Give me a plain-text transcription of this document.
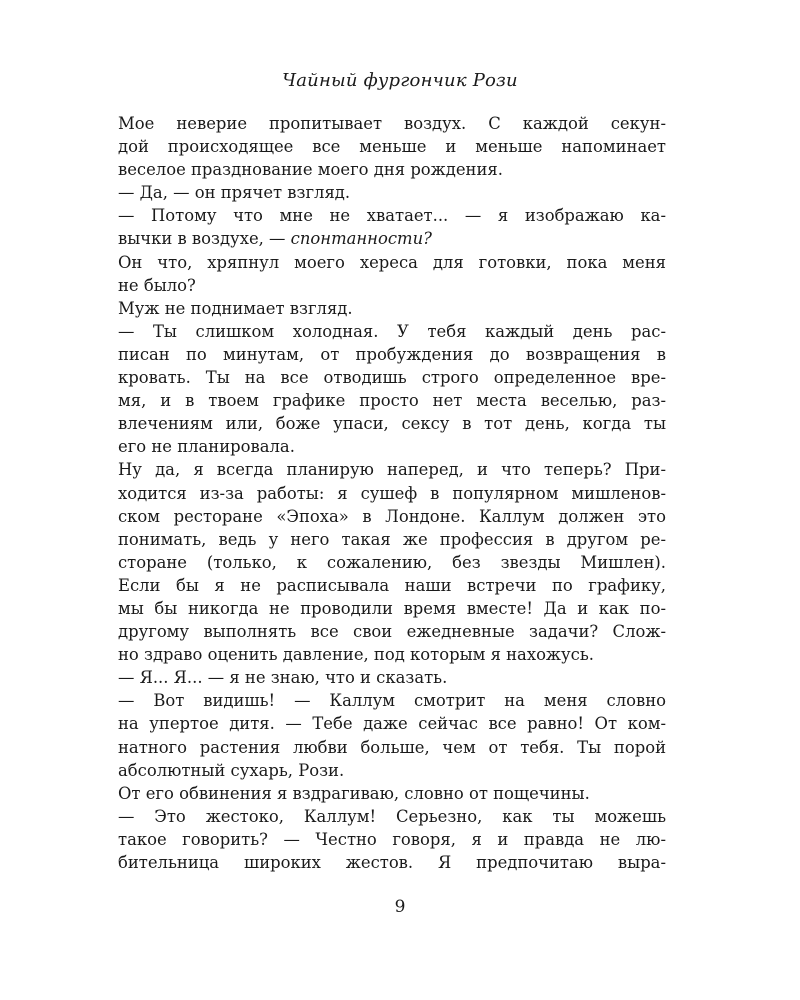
Чайный фургончик Рози
Мое неверие пропитывает воздух. С каждой секун-
дой происходящее все меньше и меньше напоминает
веселое празднование моего дня рождения.
— Да, — он прячет взгляд.
— Потому что мне не хватает... — я изображаю ка-
вычки в воздухе, — спонтанности?
Он что, хряпнул моего хереса для готовки, пока меня
не было?
Муж не поднимает взгляд.
— Ты слишком холодная. У тебя каждый день рас-
писан по минутам, от пробуждения до возвращения в
кровать. Ты на все отводишь строго определенное вре-
мя, и в твоем графике просто нет места веселью, раз-
влечениям или, боже упаси, сексу в тот день, когда ты
его не планировала.
Ну да, я всегда планирую наперед, и что теперь? При-
ходится из-за работы: я сушеф в популярном мишленов-
ском ресторане «Эпоха» в Лондоне. Каллум должен это
понимать, ведь у него такая же профессия в другом ре-
сторане (только, к сожалению, без звезды Мишлен).
Если бы я не расписывала наши встречи по графику,
мы бы никогда не проводили время вместе! Да и как по-
другому выполнять все свои ежедневные задачи? Слож-
но здраво оценить давление, под которым я нахожусь.
— Я... Я... — я не знаю, что и сказать.
— Вот видишь! — Каллум смотрит на меня словно
на упертое дитя. — Тебе даже сейчас все равно! От ком-
натного растения любви больше, чем от тебя. Ты порой
абсолютный сухарь, Рози.
От его обвинения я вздрагиваю, словно от пощечины.
— Это жестоко, Каллум! Серьезно, как ты можешь
такое говорить? — Честно говоря, я и правда не лю-
бительница широких жестов. Я предпочитаю выра-
9
